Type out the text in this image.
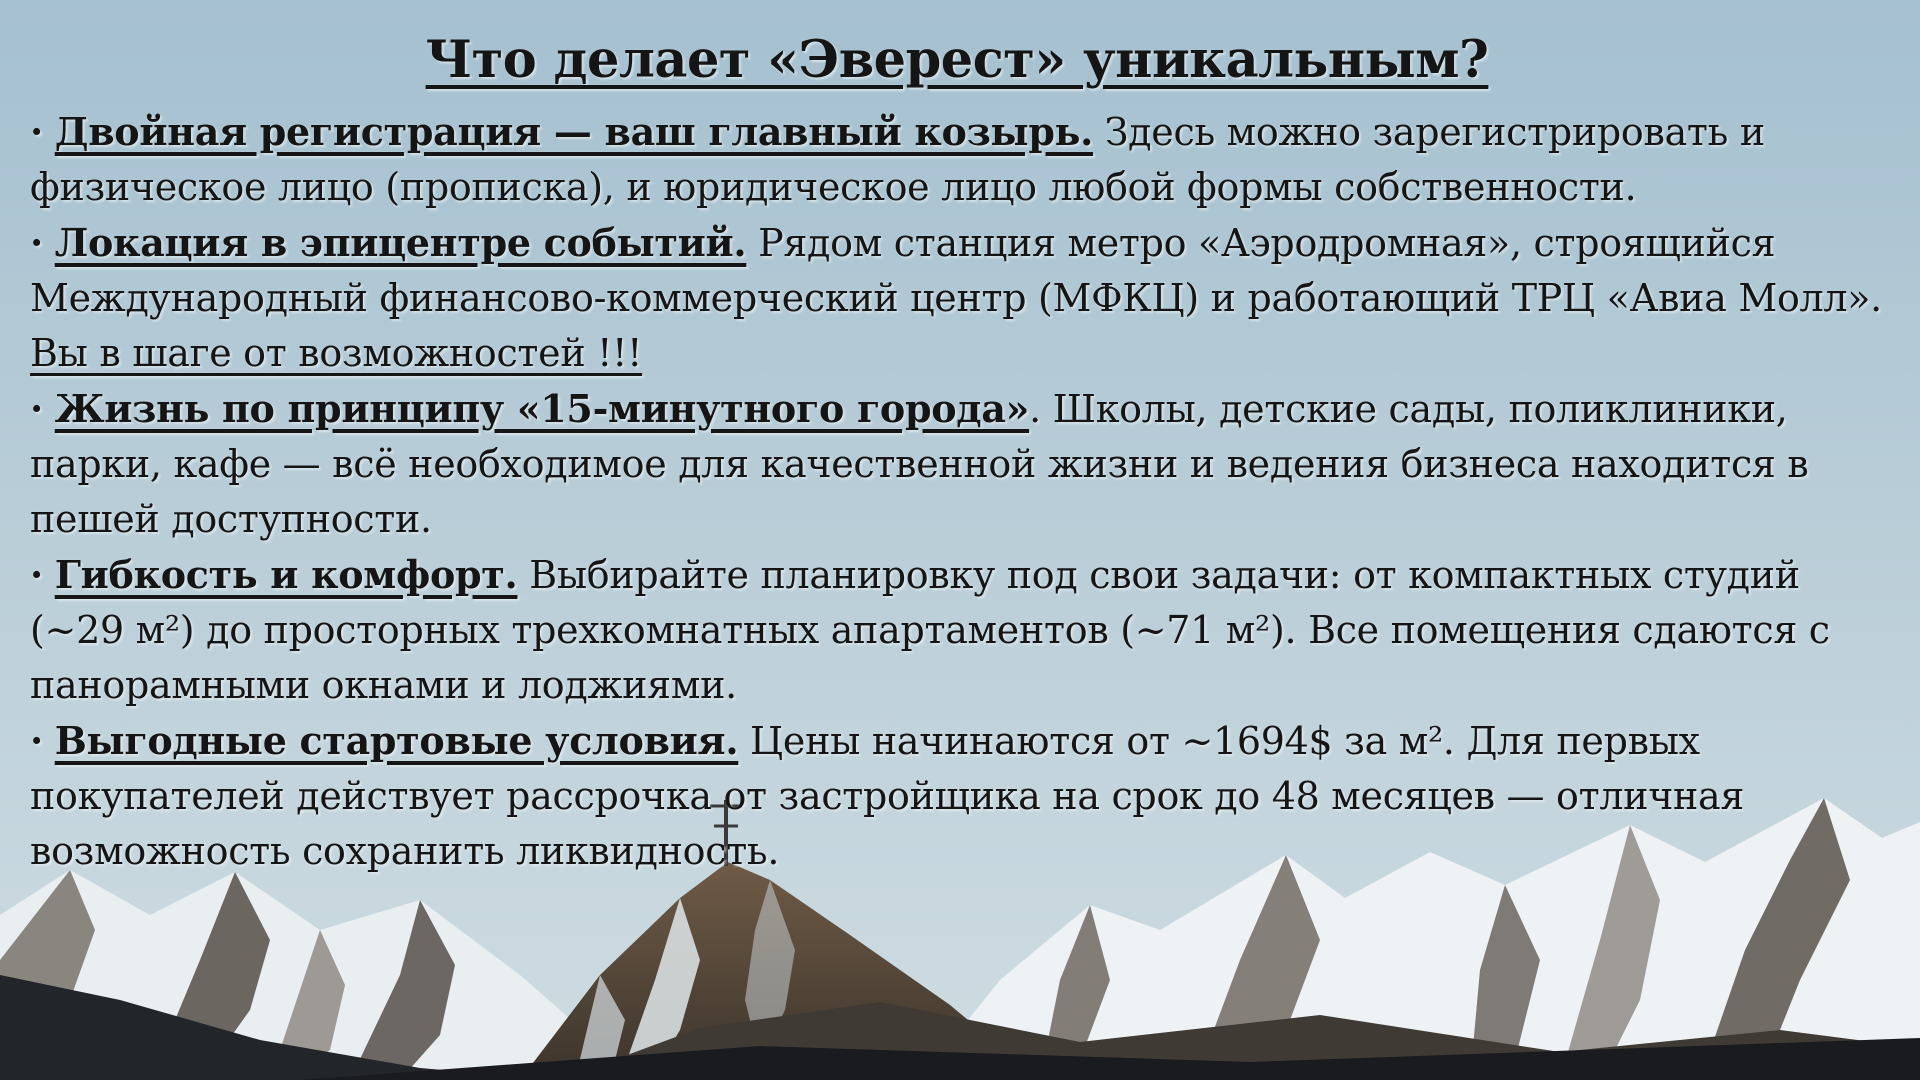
Что делает «Эверест» уникальным?

· Двойная регистрация — ваш главный козырь. Здесь можно зарегистрировать и физическое лицо (прописка), и юридическое лицо любой формы собственности.

· Локация в эпицентре событий. Рядом станция метро «Аэродромная», строящийся Международный финансово-коммерческий центр (МФКЦ) и работающий ТРЦ «Авиа Молл».

Вы в шаге от возможностей !!!

· Жизнь по принципу «15-минутного города». Школы, детские сады, поликлиники, парки, кафе — всё необходимое для качественной жизни и ведения бизнеса находится в пешей доступности.

· Гибкость и комфорт. Выбирайте планировку под свои задачи: от компактных студий (~29 м²) до просторных трехкомнатных апартаментов (~71 м²). Все помещения сдаются с панорамными окнами и лоджиями.

· Выгодные стартовые условия. Цены начинаются от ~1694$ за м². Для первых покупателей действует рассрочка от застройщика на срок до 48 месяцев — отличная возможность сохранить ликвидность.
